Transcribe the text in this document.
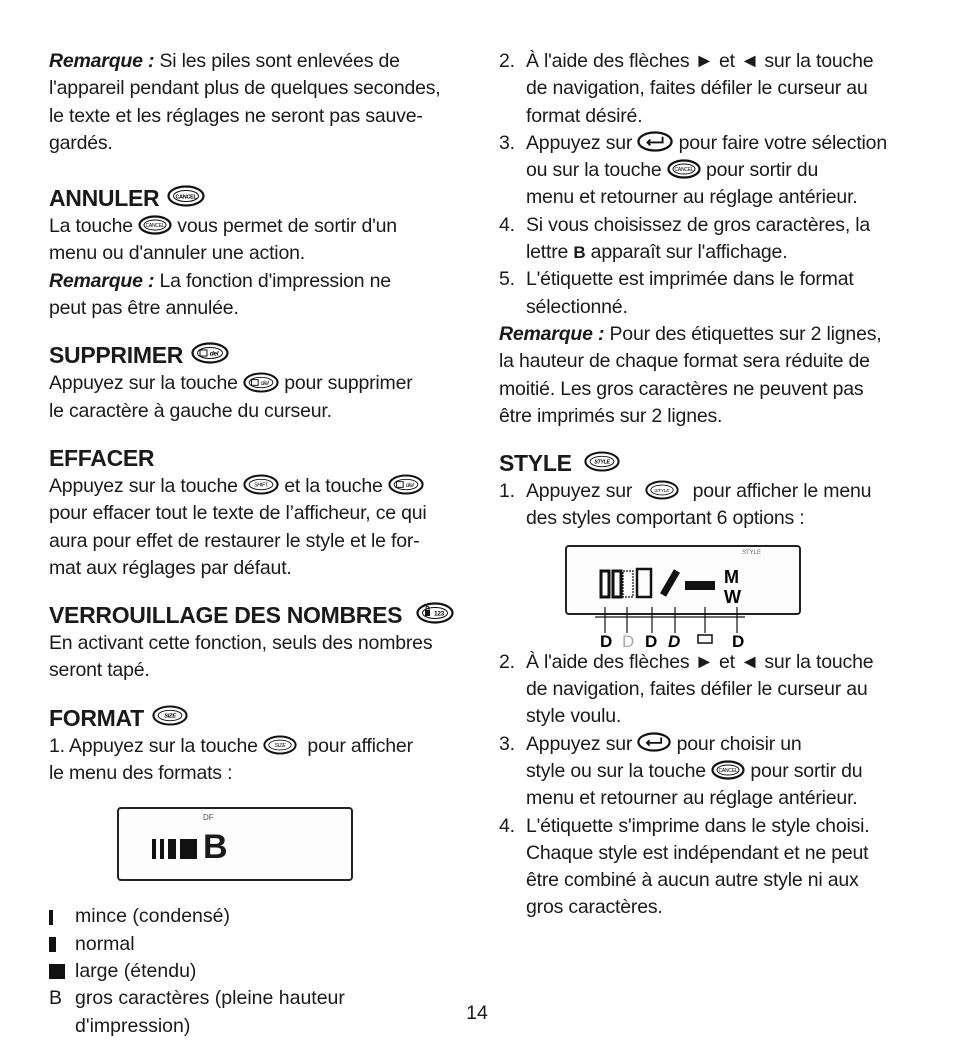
Remarque : Si les piles sont enlevées de
l'appareil pendant plus de quelques secondes,
le texte et les réglages ne seront pas sauve-
gardés.

ANNULER	CANCEL

La touche	CANCEL vous permet de sortir d'un
menu ou d'annuler une action.
Remarque : La fonction d'impression ne
peut pas être annulée.

SUPPRIMER	del

Appuyez sur la touche	del pour supprimer
le caractère à gauche du curseur.

EFFACER

Appuyez sur la touche	SHIFT et la touche	del

pour effacer tout le texte de l’afficheur, ce qui
aura pour effet de restaurer le style et le for-
mat aux réglages par défaut.

VERROUILLAGE DES NOMBRES	123

En activant cette fonction, seuls des nombres
seront tapé.

FORMAT	SIZE

1. Appuyez sur la touche	SIZE pour afficher
le menu des formats :

DF
B
mince (condensé)
normal
large (étendu)
B gros caractères (pleine hauteur
d'impression)
2. À l'aide des flèches ► et ◄ sur la touche
de navigation, faites défiler le curseur au
format désiré.
3. Appuyez sur pour faire votre sélection
ou sur la touche	CANCEL pour sortir du
menu et retourner au réglage antérieur.
4. Si vous choisissez de gros caractères, la
lettre B apparaît sur l'affichage.
5. L'étiquette est imprimée dans le format
sélectionné.

Remarque : Pour des étiquettes sur 2 lignes,
la hauteur de chaque format sera réduite de
moitié. Les gros caractères ne peuvent pas
être imprimés sur 2 lignes.

STYLE	STYLE
1. Appuyez sur	STYLE pour afficher le menu
des styles comportant 6 options :
STYLE
M
W
D D D D	D
2. À l'aide des flèches ► et ◄ sur la touche
de navigation, faites défiler le curseur au
style voulu.
3. Appuyez sur pour choisir un
style ou sur la touche	CANCEL pour sortir du
menu et retourner au réglage antérieur.
4. L'étiquette s'imprime dans le style choisi.
Chaque style est indépendant et ne peut
être combiné à aucun autre style ni aux
gros caractères.
14
